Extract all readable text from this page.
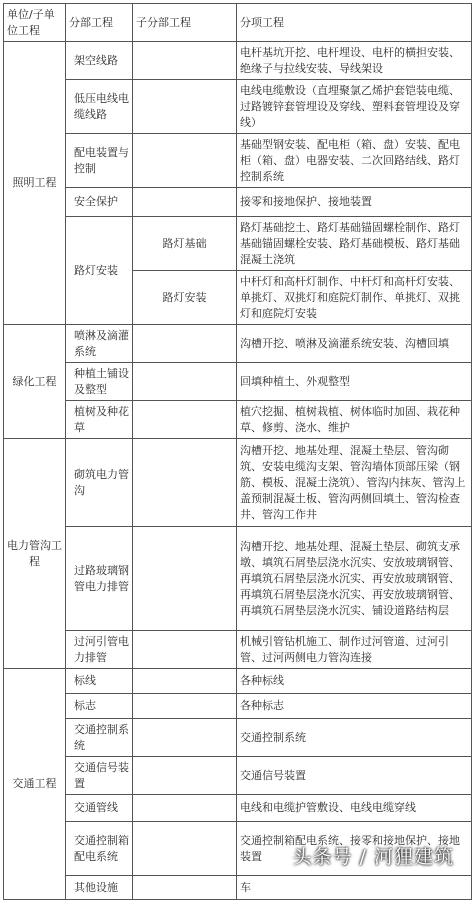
单位/子单位工程	分部工程	子分部工程	分项工程
照明工程	架空线路		电杆基坑开挖、电杆埋设、电杆的横担安装、绝缘子与拉线安装、导线架设
	低压电线电缆线路		电线电缆敷设（直埋聚氯乙烯护套铠装电缆、过路镀锌套管埋设及穿线、塑料套管埋设及穿线）
	配电装置与控制		基础型钢安装、配电柜（箱、盘）安装、配电柜（箱、盘）电器安装、二次回路结线、路灯控制系统
	安全保护		接零和接地保护、接地装置
	路灯安装	路灯基础	路灯基础挖土、路灯基础锚固螺栓制作、路灯基础锚固螺栓安装、路灯基础模板、路灯基础混凝土浇筑
		路灯安装	中杆灯和高杆灯制作、中杆灯和高杆灯安装、单挑灯、双挑灯和庭院灯制作、单挑灯、双挑灯和庭院灯安装

绿化工程	喷淋及滴灌系统		沟槽开挖、喷淋及滴灌系统安装、沟槽回填
	种植土铺设及整型		回填种植土、外观整型
	植树及种花草		植穴挖掘、植树栽植、树体临时加固、栽花种草、修剪、浇水、维护
电力管沟工程	砌筑电力管沟		沟槽开挖、地基处理、混凝土垫层、管沟砌筑、安装电缆沟支架、管沟墙体顶部压梁（钢筋、模板、混凝土浇筑）、管沟内抹灰、管沟上盖预制混凝土板、管沟两侧回填土、管沟检查井、管沟工作井
	过路玻璃钢管电力排管		沟槽开挖、地基处理、混凝土垫层、砌筑支承墩、填筑石屑垫层浇水沉实、安放玻璃钢管、再填筑石屑垫层浇水沉实、再安放玻璃钢管、再填筑石屑垫层浇水沉实、再安放玻璃钢管、再填筑石屑垫层浇水沉实、铺设道路结构层
	过河引管电力排管		机械引管钻机施工、制作过河管道、过河引管、过河两侧电力管沟连接
交通工程	标线		各种标线
	标志		各种标志
	交通控制系统		交通控制系统
	交通信号装置		交通信号装置
	交通管线		电线和电缆护管敷设、电线电缆穿线
	交通控制箱配电系统		交通控制箱配电系统、接零和接地保护、接地装置
	其他设施		车
头条号 / 河狸建筑
